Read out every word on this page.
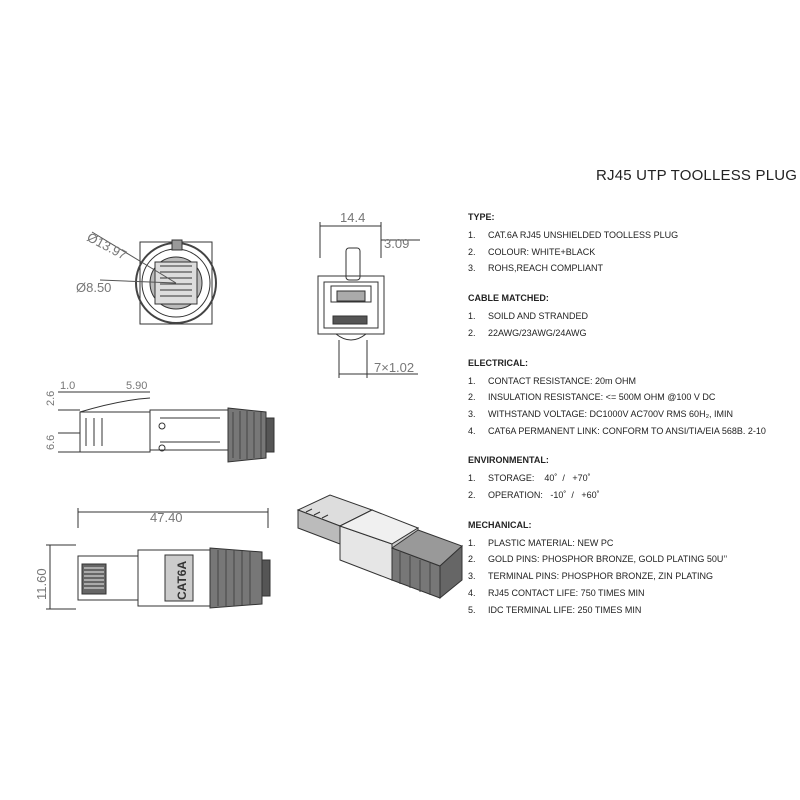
RJ45 UTP TOOLLESS PLUG
TYPE:
1.	CAT.6A RJ45 UNSHIELDED TOOLLESS PLUG
2.	COLOUR: WHITE+BLACK
3.	ROHS,REACH COMPLIANT
CABLE MATCHED:
1.	SOILD AND STRANDED
2.	22AWG/23AWG/24AWG
ELECTRICAL:
1.	CONTACT RESISTANCE: 20m OHM
2.	INSULATION RESISTANCE: <= 500M OHM @100 V DC
3.	WITHSTAND VOLTAGE: DC1000V AC700V RMS 60H₂, IMIN
4.	CAT6A PERMANENT LINK: CONFORM TO ANSI/TIA/EIA 568B. 2-10
ENVIRONMENTAL:
1.	STORAGE:    40˚  /   +70˚
2.	OPERATION:   -10˚  /   +60˚
MECHANICAL:
1.	PLASTIC MATERIAL: NEW PC
2.	GOLD PINS: PHOSPHOR BRONZE, GOLD PLATING 50U’’
3.	TERMINAL PINS: PHOSPHOR BRONZE, ZIN PLATING
4.	RJ45 CONTACT LIFE: 750 TIMES MIN
5.	IDC TERMINAL LIFE: 250 TIMES MIN
Ø13.97
Ø8.50
14.4
3.09
7×1.02
1.0	5.90
2.6
6.6
47.40
11.60	CAT6A
